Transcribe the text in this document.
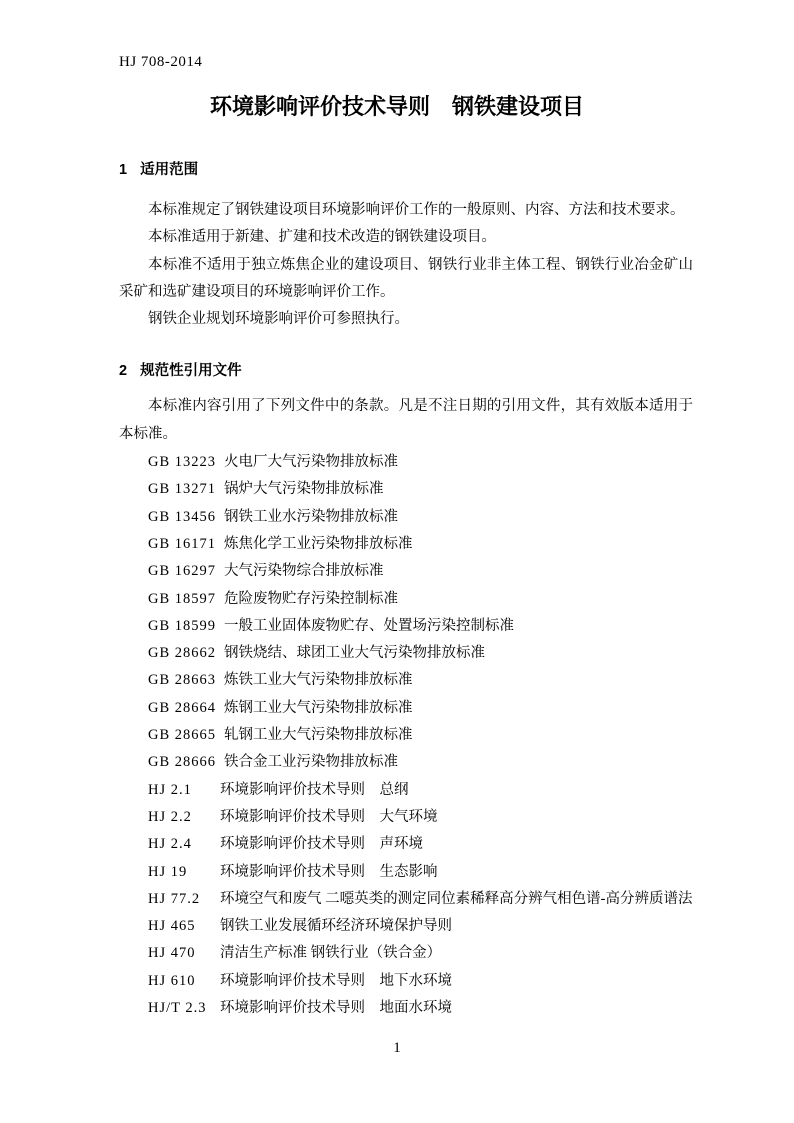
HJ 708-2014
环境影响评价技术导则 钢铁建设项目
1 适用范围

本标准规定了钢铁建设项目环境影响评价工作的一般原则、内容、方法和技术要求。

本标准适用于新建、扩建和技术改造的钢铁建设项目。

本标准不适用于独立炼焦企业的建设项目、钢铁行业非主体工程、钢铁行业冶金矿山采矿和选矿建设项目的环境影响评价工作。

钢铁企业规划环境影响评价可参照执行。

2 规范性引用文件

本标准内容引用了下列文件中的条款。凡是不注日期的引用文件，其有效版本适用于本标准。

GB 13223 火电厂大气污染物排放标准
GB 13271 锅炉大气污染物排放标准
GB 13456 钢铁工业水污染物排放标准
GB 16171 炼焦化学工业污染物排放标准
GB 16297 大气污染物综合排放标准
GB 18597 危险废物贮存污染控制标准
GB 18599 一般工业固体废物贮存、处置场污染控制标准
GB 28662 钢铁烧结、球团工业大气污染物排放标准
GB 28663 炼铁工业大气污染物排放标准
GB 28664 炼钢工业大气污染物排放标准
GB 28665 轧钢工业大气污染物排放标准
GB 28666 铁合金工业污染物排放标准
HJ 2.1	环境影响评价技术导则　总纲
HJ 2.2	环境影响评价技术导则　大气环境
HJ 2.4	环境影响评价技术导则　声环境
HJ 19	环境影响评价技术导则　生态影响
HJ 77.2	环境空气和废气 二噁英类的测定同位素稀释高分辨气相色谱-高分辨质谱法
HJ 465	钢铁工业发展循环经济环境保护导则
HJ 470	清洁生产标准 钢铁行业（铁合金）
HJ 610	环境影响评价技术导则　地下水环境
HJ/T 2.3 环境影响评价技术导则　地面水环境
1
